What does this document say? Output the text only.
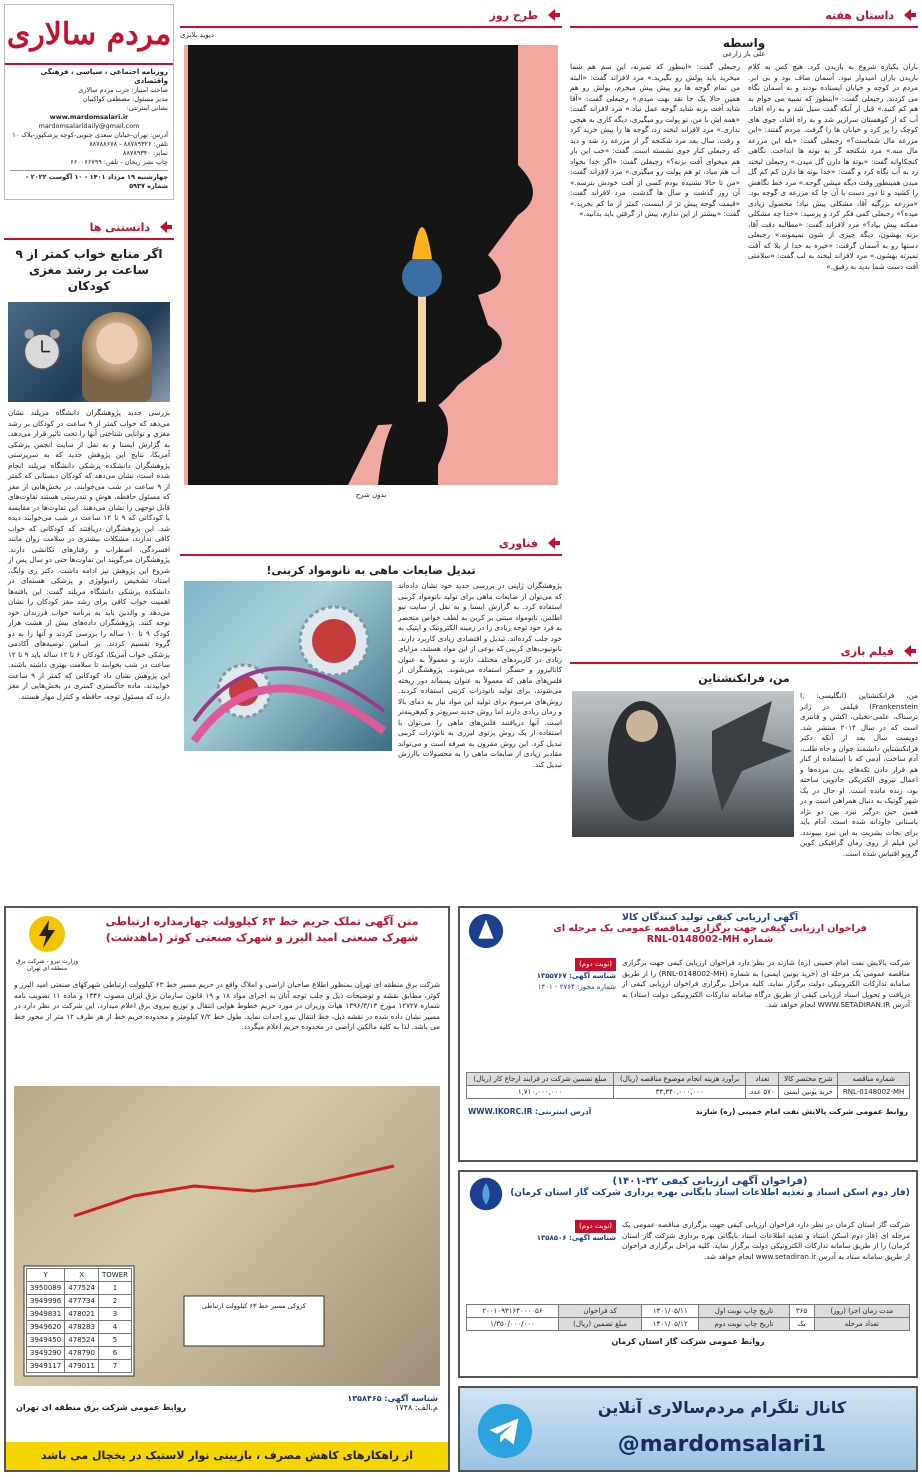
مردم سالاری
روزنامه اجتماعی ، سیاسی ، فرهنگی واقتصادی
صاحب امتیاز: حزب مردم سالاری
مدیر مسئول: مصطفی کواکبیان
نشانی اینترنتی:
www.mardomsalari.ir
mardomsalaridaily@gmail.com
آدرس: تهران-خیابان سعدی جنوبی-کوچه پزشکپور-پلاک ۱۰
تلفن: ۸۸۷۸۹۳۲۶ - ۸۸۷۸۸۶۷۸
نمابر: ۸۸۷۸۹۳۴۰
چاپ نشر ریحان - تلفن: ۶۶۰۰۶۶۷۹۹
چهارشنبه ۱۹ مرداد ۱۴۰۱ - ۱۰ آگوست ۲۰۲۲ - شماره ۵۹۳۷
دانستنی ها
اگر منابع خواب کمتر از ۹ ساعت بر رشد مغزی کودکان
بررسی جدید پژوهشگران دانشگاه مریلند نشان می‌دهد که خواب کمتر از ۹ ساعت در کودکان بر رشد مغزی و توانایی شناختی آنها را تحت تاثیر قرار می‌دهد. به گزارش ایسنا و به نقل از سایت انجمن پزشکی آمریکا، نتایج این پژوهش جدید که به سرپرستی پژوهشگران دانشکده پزشکی دانشگاه مریلند انجام شده است، نشان می‌دهد که کودکان دبستانی که کمتر از ۹ ساعت در شب می‌خوابند، در بخش‌هایی از مغز که مسئول حافظه، هوش و تندرستی هستند تفاوت‌های قابل توجهی را نشان می‌دهند. این تفاوت‌ها در مقایسه با کودکانی که ۹ تا ۱۲ ساعت در شب می‌خوابند دیده شد. این پژوهشگران دریافتند که کودکانی که خواب کافی ندارند، مشکلات بیشتری در سلامت روان مانند افسردگی، اضطراب و رفتارهای تکانشی دارند. پژوهشگران می‌گویند این تفاوت‌ها حتی دو سال پس از شروع این پژوهش نیز ادامه داشت. دکتر زی وانگ، استاد تشخیص رادیولوژی و پزشکی هسته‌ای در دانشکده پزشکی دانشگاه مریلند گفت: این یافته‌ها اهمیت خواب کافی برای رشد مغز کودکان را نشان می‌دهد و والدین باید به برنامه خواب فرزندان خود توجه کنند. پژوهشگران داده‌های بیش از هشت هزار کودک ۹ تا ۱۰ ساله را بررسی کردند و آنها را به دو گروه تقسیم کردند. بر اساس توصیه‌های آکادمی پزشکی خواب آمریکا، کودکان ۶ تا ۱۲ ساله باید ۹ تا ۱۲ ساعت در شب بخوابند تا سلامت بهتری داشته باشند. این پژوهش نشان داد کودکانی که کمتر از ۹ ساعت خوابیدند، ماده خاکستری کمتری در بخش‌هایی از مغز دارند که مسئول توجه، حافظه و کنترل مهار هستند.
طرح روز
دیوید بلانزی
بدون شرح
فناوری
تبدیل ضایعات ماهی به نانومواد کربنی!
پژوهشگران ژاپنی در بررسی جدید خود نشان داده‌اند که می‌توان از ضایعات ماهی برای تولید نانومواد کربنی استفاده کرد. به گزارش ایسنا و به نقل از سایت نیو اطلس، نانومواد مبتنی بر کربن به لطف خواص منحصر به فرد خود توجه زیادی را در زمینه الکترونیک و اپتیک به خود جلب کرده‌اند. تبدیل و اقتصادی زیادی کاربرد دارند. نانوتیوب‌های کربنی که نوعی از این مواد هستند، مزایای زیادی در کاربردهای مختلف دارند و معمولاً به عنوان کاتالیزور و حسگر استفاده می‌شوند. پژوهشگران از فلس‌های ماهی که معمولاً به عنوان پسماند دور ریخته می‌شوند، برای تولید نانوذرات کربنی استفاده کردند. روش‌های مرسوم برای تولید این مواد نیاز به دمای بالا و زمان زیادی دارند اما روش جدید سریع‌تر و کم‌هزینه‌تر است. آنها دریافتند فلس‌های ماهی را می‌توان با استفاده از یک روش پرتوی لیزری به نانوذرات کربنی تبدیل کرد. این روش مقرون به صرفه است و می‌تواند مقادیر زیادی از ضایعات ماهی را به محصولات باارزش تبدیل کند.
داستان هفته
واسطه
علی باز زارعی
باران یکباره شروع به باریدن کرد. هیچ کس به کلام باریدن باران امیدوار نبود. آسمان صاف بود و بی ابر. مردم در کوچه و خیابان ایستاده بودند و به آسمان نگاه می کردند. رجبعلی گفت: «اینطور که تمبیه می خوام به هم کم کنید.» قبل از آنکه گفت سیل شد و به راه افتاد. آب که از کوهستان سرازیر شد و به راه افتاد، جوی های کوچک را پر کرد و خیابان ها را گرفت. مردم گفتند: «این مزرعه مال شماست؟» رجبعلی گفت: «بله این مزرعه مال منه.» مرد شکنجه گر به بوته ها انداخت. نگاهی کنجکاوانه گفت: «بوته ها دارن گل میدن.» رجبعلی لبخند زد به آب نگاه کرد و گفت: «خدا بوته ها دارن کم کم گل میدن همینطور وقت دیگه میشن گوجه.» مرد خط نگاهش را کشید و تا دور دست با آن جا که مزرعه ی گوجه بود. «مزرعه بزرگیه آقا، مشکلی پیش نیاد؛ محصول زیادی میده؟» رجبعلی کمی فکر کرد و پرسید: «خدا چه مشکلی ممکنه پیش بیاد؟» مرد لافزاند گفت: «مطالبه دقت آقا، بزنه بهشون، دیگه چیزی از شون نمیمونه.» رجبعلی دستها رو به آسمان گرفت: «خیره به خدا از بلا که آفت تمیزته بهشون.» مرد لافزاند لبخند به لب گفت: «سلامتی آفت دست شما بدید به رفیق.»
رجبعلی گفت: «اینطور که تمیزنه، این سم هم شما میخرید باید پولش رو بگیرید.» مرد لافزاند گفت: «البته من تمام گوجه ها رو پیش پیش میخرم، پولش رو هم همین حالا یک جا نقد بهت میدم.» رجبعلی گفت: «آقا شاید آفت بزنه شاید گوجه عمل نیاد.» مرد لافزاند گفت: «همه اش با من، تو پولت رو میگیری، دیگه کاری به هیچی نداری.» مرد لافزاند لبخند زد، گوجه ها را پیش خرید کرد و رفت. سال بعد مرد شکنجه گر از مزرعه رد شد و دید که رجبعلی کنار جوی نشسته است. گفت: «خب این بار هم میخوای آفت بزنه؟» رجبعلی گفت: «اگر خدا بخواد آب هم میاد، تو هم پولت رو میگیری.» مرد لافزاند گفت: «من تا حالا نشنیده بودم کسی از آفت خودش بترسه.» آن روز گذشت و سال ها گذشت. مرد لافزاند گفت: «قیمت گوجه پیش تر از اینست، کمتر از ما کم بخرید.» گفت: «بیشتر از این ندارم، پیش از گرفتن باید بدانید.»
فیلم بازی
من، فرانکنشتاین
من، فرانکنشتاین (انگلیسی: I, Frankenstein) فیلمی در ژانر ترسناک، علمی-تخیلی، اکشن و فانتزی است که در سال ۲۰۱۴ منتشر شد. دویست سال بعد از آنکه دکتر فرانکنشتاین دانشمند جوان و جاه طلب، آدم ساخت، آدمی که با استفاده از کنار هم قرار دادن تکه‌های بدن مرده‌ها و اعمال نیروی الکتریکی جادویی ساخته بود، زنده مانده است. او حال در یک شهر گوتیک به دنبال همراهی است و در همین حین درگیر نبرد بین دو نژاد باستانی جاودانه شده است. آدام باید برای نجات بشریت به این نبرد بپیوندد. این فیلم از روی رمان گرافیکی کوین گرویو اقتباس شده است.
متن آگهی تملک حریم خط ۶۳ کیلوولت چهارمداره ارتباطی
شهرک صنعتی امید البرز و شهرک صنعتی کوثر (ماهدشت)
وزارت نیرو - شرکت برق منطقه ای تهران
شرکت برق منطقه ای تهران بمنظور اطلاع صاحبان اراضی و املاک واقع در حریم مسیر خط ۶۳ کیلوولت ارتباطی شهرکهای صنعتی امید البرز و کوثر، مطابق نقشه و توضیحات ذیل و جلب توجه آنان به اجرای مواد ۱۸ و ۱۹ قانون سازمان برق ایران مصوب ۱۳۴۶ و ماده ۱۱ تصویب نامه شماره ۱۲۷۲۷ مورخ ۱۳۹۶/۳/۱۳ هیات وزیران در مورد حریم خطوط هوایی انتقال و توزیع نیروی برق اعلام میدارد، این شرکت در نظر دارد در مسیر نشان داده شده در نقشه ذیل، خط انتقال نیرو احداث نماید. طول خط ۷/۲ کیلومتر و محدوده حریم خط از هر طرف ۱۲ متر از محور خط می باشد. لذا به کلیه مالکین اراضی در محدوده حریم اعلام میگردد.
TOWER	X	Y
1	477524	3950089
2	477734	3949996
3	478021	3949831
4	478283	3949620
5	478524	3949450
6	478790	3949290
7	479011	3949117
کروکی مسیر خط ۶۳ کیلوولت ارتباطی
شناسه آگهی: ۱۳۵۸۴۶۵
م.الف: ۱۷۴۸
روابط عمومی شرکت برق منطقه ای تهران
از راهکارهای کاهش مصرف ، بازیینی نوار لاستیک در یخچال می باشد
آگهی ارزیابی کیفی تولید کنندگان کالا
فراخوان ارزیابی کیفی جهت برگزاری مناقصه عمومی یک مرحله ای
شماره RNL-0148002-MH
شرکت پالایش نفت امام خمینی (ره) شازند در نظر دارد فراخوان ارزیابی کیفی جهت برگزاری مناقصه عمومی یک مرحله ای (خرید یونین ایمنی) به شماره (RNL-0148002-MH) را از طریق سامانه تدارکات الکترونیکی دولت برگزار نماید. کلیه مراحل برگزاری فراخوان ارزیابی کیفی از دریافت و تحویل اسناد ارزیابی کیفی از طریق درگاه سامانه تدارکات الکترونیکی دولت (ستاد) به آدرس WWW.SETADIRAN.IR انجام خواهد شد.
(نوبت دوم)
شناسه آگهی: ۱۳۵۵۷۶۷
شماره مجوز: ۲۷۶۴ - ۱۴۰۱
شماره مناقصه	شرح مختصر کالا	تعداد	برآورد هزینه انجام موضوع مناقصه (ریال)	مبلغ تضمین شرکت در فرایند ارجاع کار (ریال)
RNL-0148002-MH	خرید یونین ایمنی	۵۷۰ عدد	۳۴,۳۴۰,۰۰۰,۰۰۰	۱,۷۱۰,۰۰۰,۰۰۰
روابط عمومی شرکت پالایش نفت امام خمینی (ره) شازند
آدرس اینترنتی: WWW.IKORC.IR
(فراخوان آگهی ارزیابی کیفی ۳۲-۱۴۰۱)
(فاز دوم اسکن اسناد و تغذیه اطلاعات اسناد بایگانی بهره برداری شرکت گاز استان کرمان)
شرکت گاز استان کرمان در نظر دارد فراخوان ارزیابی کیفی جهت برگزاری مناقصه عمومی یک مرحله ای (فاز دوم اسکن اسناد و تغذیه اطلاعات اسناد بایگانی بهره برداری شرکت گاز استان کرمان) را از طریق سامانه تدارکات الکترونیکی دولت برگزار نماید. کلیه مراحل برگزاری فراخوان از طریق سامانه ستاد به آدرس www.setadiran.ir انجام خواهد شد.
(نوبت دوم)
شناسه آگهی: ۱۳۵۸۵۰۶
مدت زمان اجرا (روز)	۳۶۵	تاریخ چاپ نوبت اول	۱۴۰۱/۰۵/۱۱	کد فراخوان	۲۰۰۱۰۹۳۱۶۴۰۰۰۰۵۶
تعداد مرحله	یک	تاریخ چاپ نوبت دوم	۱۴۰۱/۰۵/۱۲	مبلغ تضمین (ریال)	۱/۳۵۰/۰۰۰/۰۰۰
روابط عمومی شرکت گاز استان کرمان
کانال تلگرام مردم‌سالاری آنلاین
@mardomsalari1
